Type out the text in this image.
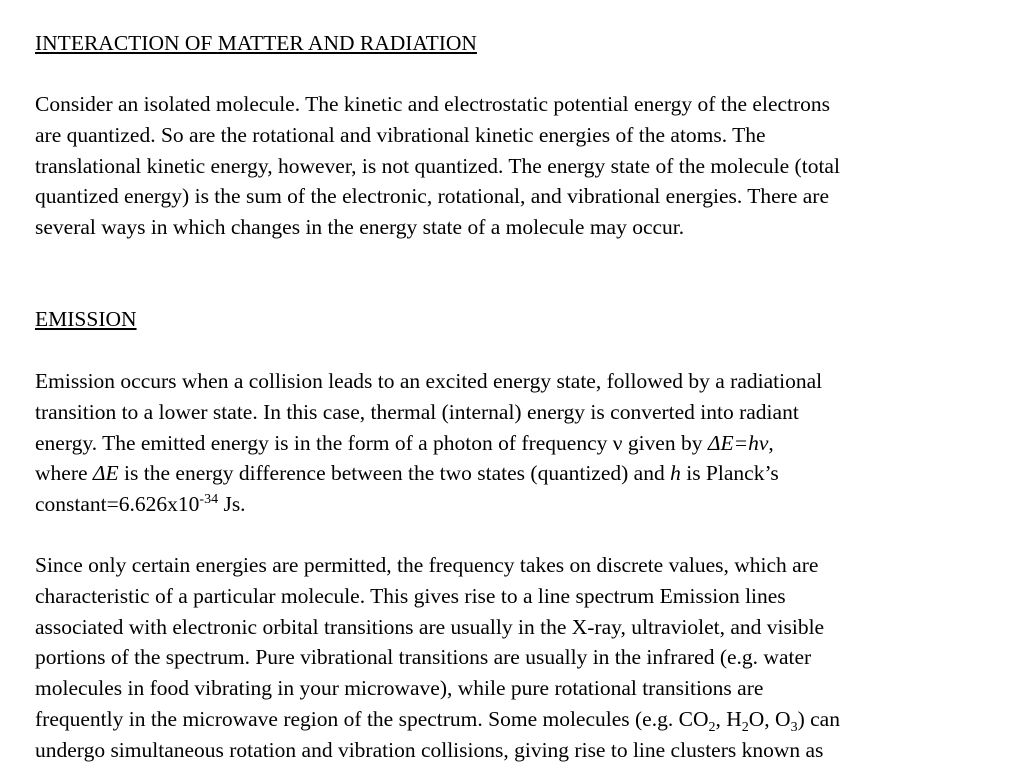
INTERACTION OF MATTER AND RADIATION
Consider an isolated molecule. The kinetic and electrostatic potential energy of the electrons
are quantized. So are the rotational and vibrational kinetic energies of the atoms. The
translational kinetic energy, however, is not quantized. The energy state of the molecule (total
quantized energy) is the sum of the electronic, rotational, and vibrational energies. There are
several ways in which changes in the energy state of a molecule may occur.
EMISSION
Emission occurs when a collision leads to an excited energy state, followed by a radiational
transition to a lower state. In this case, thermal (internal) energy is converted into radiant
energy. The emitted energy is in the form of a photon of frequency ν given by ΔE=hν,
where ΔE is the energy difference between the two states (quantized) and h is Planck’s
$constant=6.626x10^{-34}$ Js.
Since only certain energies are permitted, the frequency takes on discrete values, which are
characteristic of a particular molecule. This gives rise to a line spectrum Emission lines
associated with electronic orbital transitions are usually in the X-ray, ultraviolet, and visible
portions of the spectrum. Pure vibrational transitions are usually in the infrared (e.g. water
molecules in food vibrating in your microwave), while pure rotational transitions are
frequently in the microwave region of the spectrum. Some molecules (e.g. $CO_2$, $H_2O$, $O_3$) can
undergo simultaneous rotation and vibration collisions, giving rise to line clusters known as
